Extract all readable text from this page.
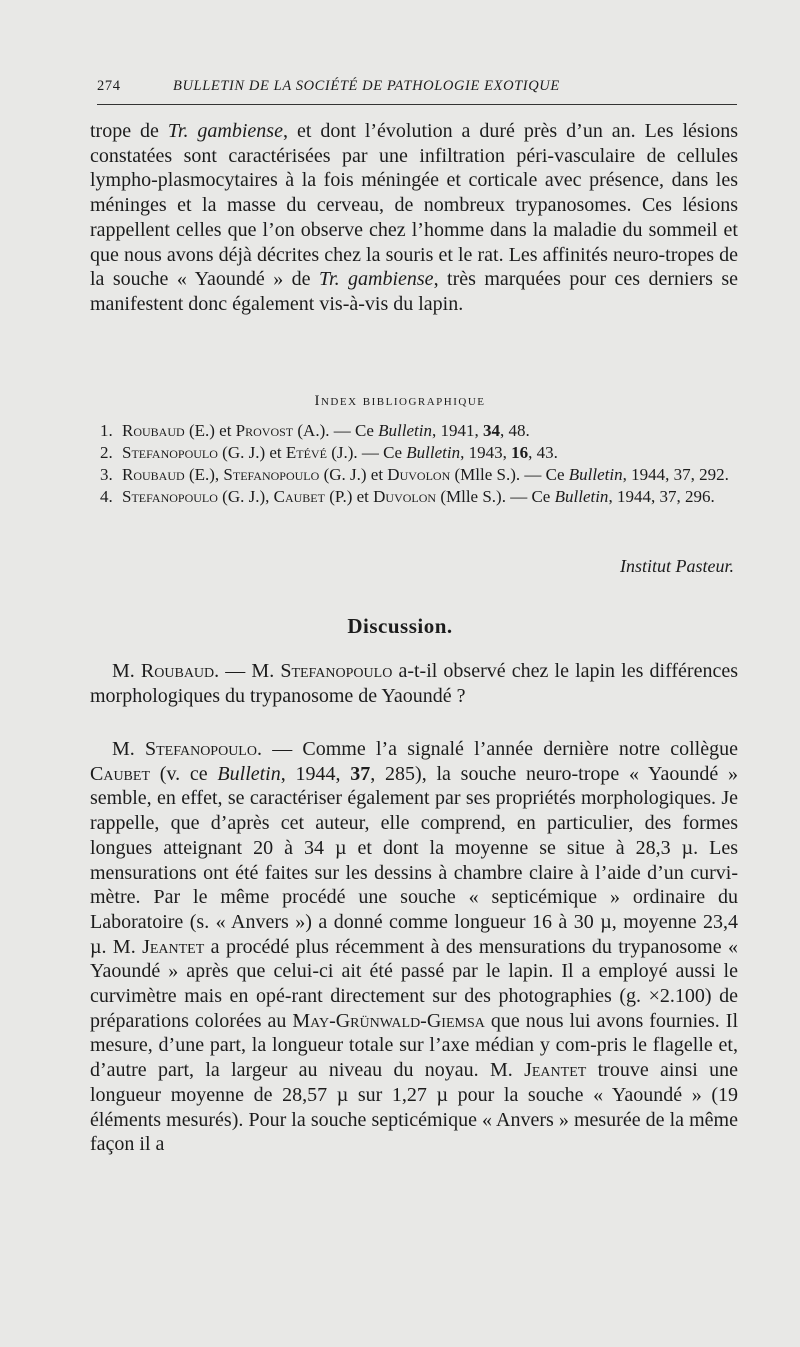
274	BULLETIN DE LA SOCIÉTÉ DE PATHOLOGIE EXOTIQUE

trope de Tr. gambiense, et dont l’évolution a duré près d’un an. Les lésions constatées sont caractérisées par une infiltration péri-vasculaire de cellules lympho-plasmocytaires à la fois méningée et corticale avec présence, dans les méninges et la masse du cerveau, de nombreux trypanosomes. Ces lésions rappellent celles que l’on observe chez l’homme dans la maladie du sommeil et que nous avons déjà décrites chez la souris et le rat. Les affinités neuro-tropes de la souche « Yaoundé » de Tr. gambiense, très marquées pour ces derniers se manifestent donc également vis-à-vis du lapin.

Index bibliographique
1. Roubaud (E.) et Provost (A.). — Ce Bulletin, 1941, 34, 48.
2. Stefanopoulo (G. J.) et Etévé (J.). — Ce Bulletin, 1943, 16, 43.
3. Roubaud (E.), Stefanopoulo (G. J.) et Duvolon (Mlle S.). — Ce Bulletin, 1944, 37, 292.
4. Stefanopoulo (G. J.), Caubet (P.) et Duvolon (Mlle S.). — Ce Bulletin, 1944, 37, 296.
Institut Pasteur.
Discussion.

M. Roubaud. — M. Stefanopoulo a-t-il observé chez le lapin les différences morphologiques du trypanosome de Yaoundé ?

M. Stefanopoulo. — Comme l’a signalé l’année dernière notre collègue Caubet (v. ce Bulletin, 1944, 37, 285), la souche neuro-trope « Yaoundé » semble, en effet, se caractériser également par ses propriétés morphologiques. Je rappelle, que d’après cet auteur, elle comprend, en particulier, des formes longues atteignant 20 à 34 µ et dont la moyenne se situe à 28,3 µ. Les mensurations ont été faites sur les dessins à chambre claire à l’aide d’un curvi-mètre. Par le même procédé une souche « septicémique » ordinaire du Laboratoire (s. « Anvers ») a donné comme longueur 16 à 30 µ, moyenne 23,4 µ. M. Jeantet a procédé plus récemment à des mensurations du trypanosome « Yaoundé » après que celui-ci ait été passé par le lapin. Il a employé aussi le curvimètre mais en opé-rant directement sur des photographies (g. ×2.100) de préparations colorées au May-Grünwald-Giemsa que nous lui avons fournies. Il mesure, d’une part, la longueur totale sur l’axe médian y com-pris le flagelle et, d’autre part, la largeur au niveau du noyau. M. Jeantet trouve ainsi une longueur moyenne de 28,57 µ sur 1,27 µ pour la souche « Yaoundé » (19 éléments mesurés). Pour la souche septicémique « Anvers » mesurée de la même façon il a
